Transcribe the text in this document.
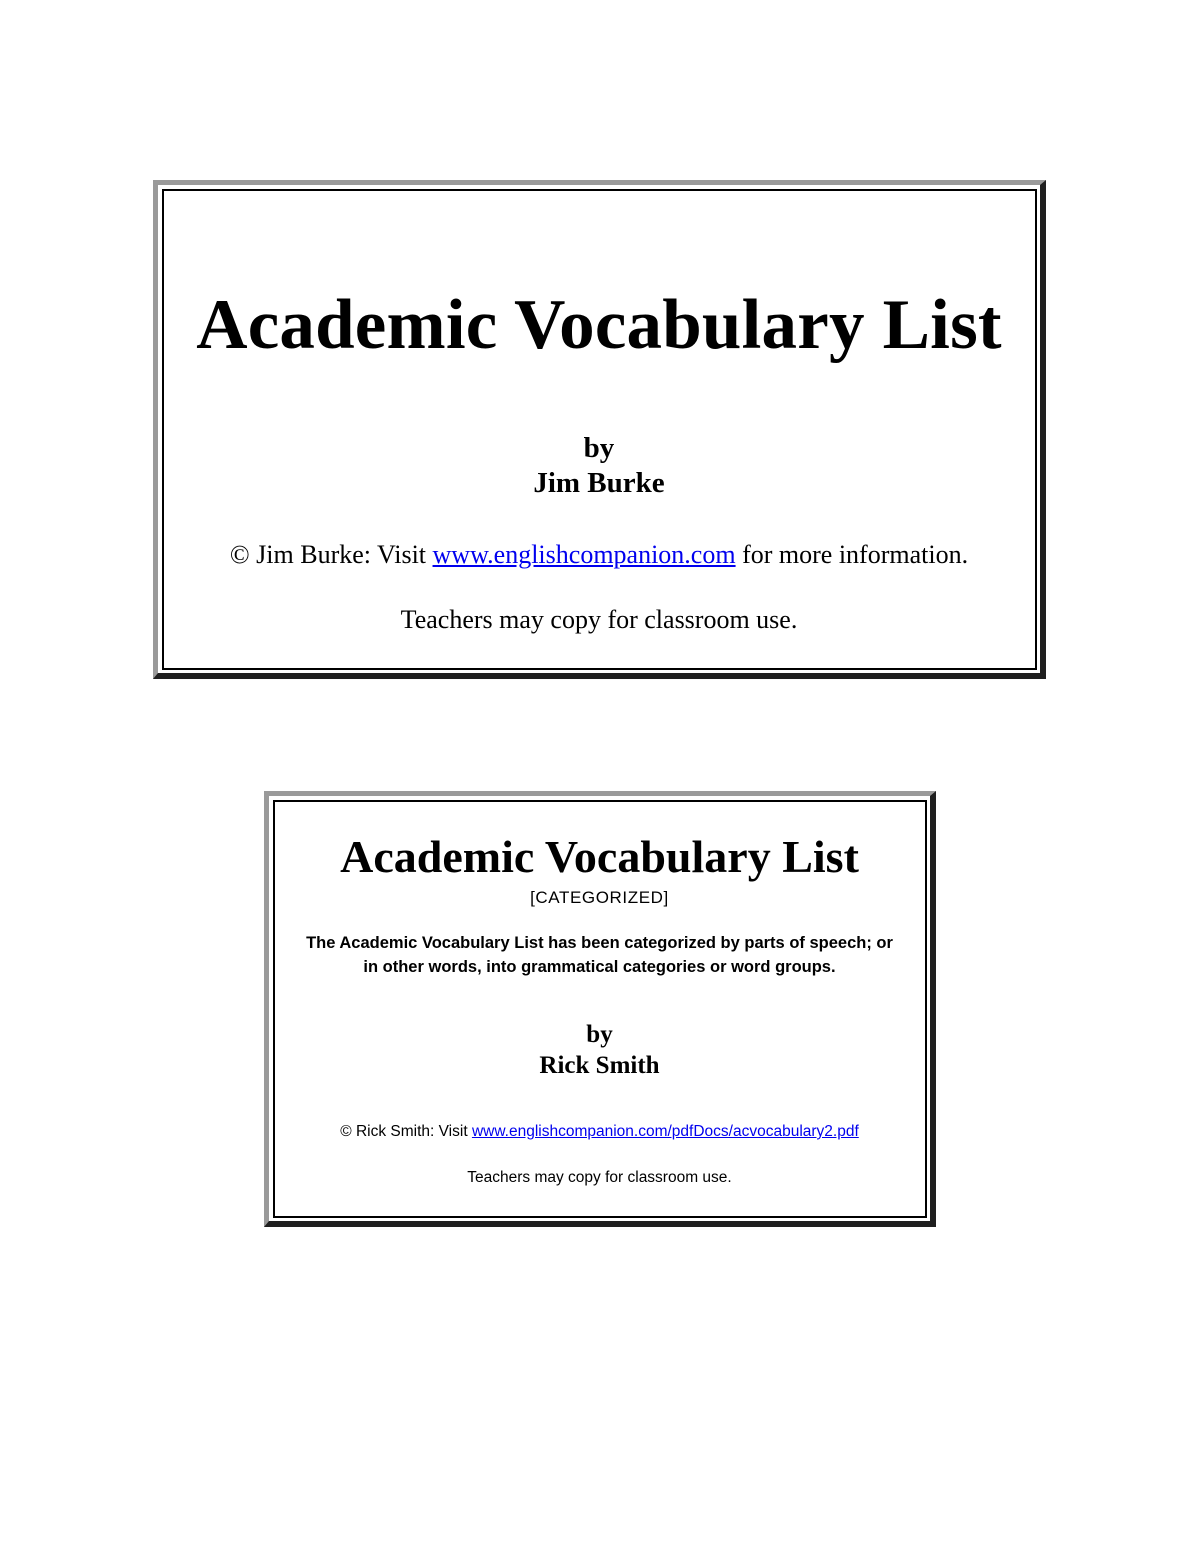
Academic Vocabulary List
by
Jim Burke
© Jim Burke: Visit www.englishcompanion.com for more information.
Teachers may copy for classroom use.
Academic Vocabulary List
[CATEGORIZED]
The Academic Vocabulary List has been categorized by parts of speech; or
in other words, into grammatical categories or word groups.
by
Rick Smith
© Rick Smith: Visit www.englishcompanion.com/pdfDocs/acvocabulary2.pdf
Teachers may copy for classroom use.
